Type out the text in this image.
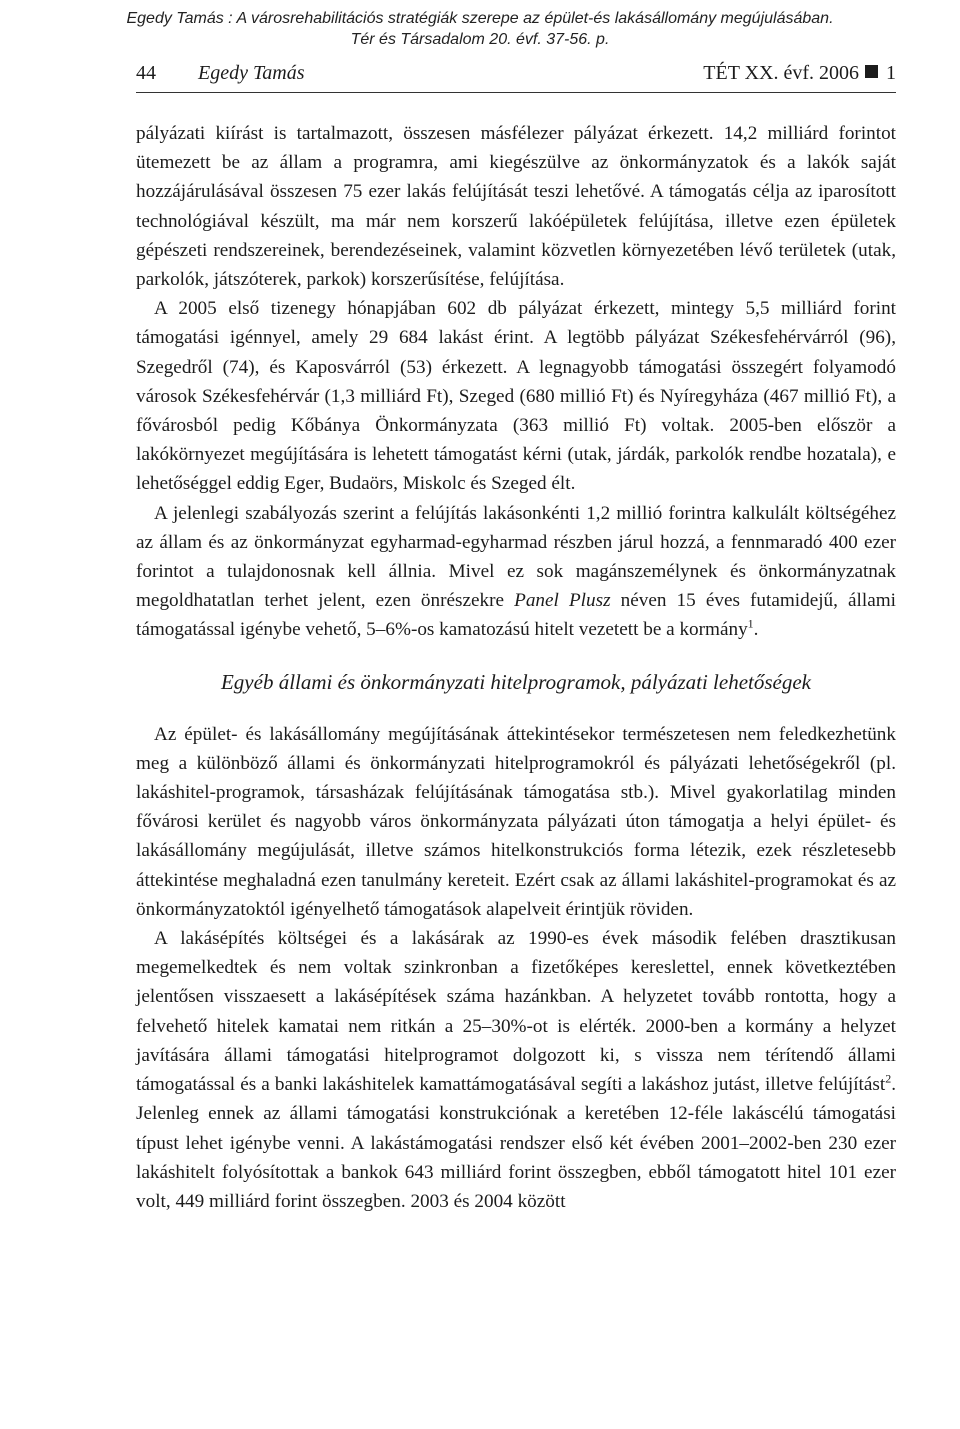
Egedy Tamás : A városrehabilitációs stratégiák szerepe az épület-és lakásállomány megújulásában.
Tér és Társadalom 20. évf. 37-56. p.
44 Egedy Tamás	TÉT XX. évf. 2006 1

pályázati kiírást is tartalmazott, összesen másfélezer pályázat érkezett. 14,2 milliárd forintot ütemezett be az állam a programra, ami kiegészülve az önkormányzatok és a lakók saját hozzájárulásával összesen 75 ezer lakás felújítását teszi lehetővé. A támogatás célja az iparosított technológiával készült, ma már nem korszerű lakóépületek felújítása, illetve ezen épületek gépészeti rendszereinek, berendezéseinek, valamint közvetlen környezetében lévő területek (utak, parkolók, játszóterek, parkok) korszerűsítése, felújítása.

A 2005 első tizenegy hónapjában 602 db pályázat érkezett, mintegy 5,5 milliárd forint támogatási igénnyel, amely 29 684 lakást érint. A legtöbb pályázat Székesfehérvárról (96), Szegedről (74), és Kaposvárról (53) érkezett. A legnagyobb támogatási összegért folyamodó városok Székesfehérvár (1,3 milliárd Ft), Szeged (680 millió Ft) és Nyíregyháza (467 millió Ft), a fővárosból pedig Kőbánya Önkormányzata (363 millió Ft) voltak. 2005-ben először a lakókörnyezet megújítására is lehetett támogatást kérni (utak, járdák, parkolók rendbe hozatala), e lehetőséggel eddig Eger, Budaörs, Miskolc és Szeged élt.

A jelenlegi szabályozás szerint a felújítás lakásonkénti 1,2 millió forintra kalkulált költségéhez az állam és az önkormányzat egyharmad-egyharmad részben járul hozzá, a fennmaradó 400 ezer forintot a tulajdonosnak kell állnia. Mivel ez sok magánszemélynek és önkormányzatnak megoldhatatlan terhet jelent, ezen önrészekre Panel Plusz néven 15 éves futamidejű, állami támogatással igénybe vehető, 5–6%-os kamatozású hitelt vezetett be a kormány$^1$.

Egyéb állami és önkormányzati hitelprogramok, pályázati lehetőségek

Az épület- és lakásállomány megújításának áttekintésekor természetesen nem feledkezhetünk meg a különböző állami és önkormányzati hitelprogramokról és pályázati lehetőségekről (pl. lakáshitel-programok, társasházak felújításának támogatása stb.). Mivel gyakorlatilag minden fővárosi kerület és nagyobb város önkormányzata pályázati úton támogatja a helyi épület- és lakásállomány megújulását, illetve számos hitelkonstrukciós forma létezik, ezek részletesebb áttekintése meghaladná ezen tanulmány kereteit. Ezért csak az állami lakáshitel-programokat és az önkormányzatoktól igényelhető támogatások alapelveit érintjük röviden.

A lakásépítés költségei és a lakásárak az 1990-es évek második felében drasztikusan megemelkedtek és nem voltak szinkronban a fizetőképes kereslettel, ennek következtében jelentősen visszaesett a lakásépítések száma hazánkban. A helyzetet tovább rontotta, hogy a felvehető hitelek kamatai nem ritkán a 25–30%-ot is elérték. 2000-ben a kormány a helyzet javítására állami támogatási hitelprogramot dolgozott ki, s vissza nem térítendő állami támogatással és a banki lakáshitelek kamattámogatásával segíti a lakáshoz jutást, illetve felújítást$^2$. Jelenleg ennek az állami támogatási konstrukciónak a keretében 12-féle lakáscélú támogatási típust lehet igénybe venni. A lakástámogatási rendszer első két évében 2001–2002-ben 230 ezer lakáshitelt folyósítottak a bankok 643 milliárd forint összegben, ebből támogatott hitel 101 ezer volt, 449 milliárd forint összegben. 2003 és 2004 között
